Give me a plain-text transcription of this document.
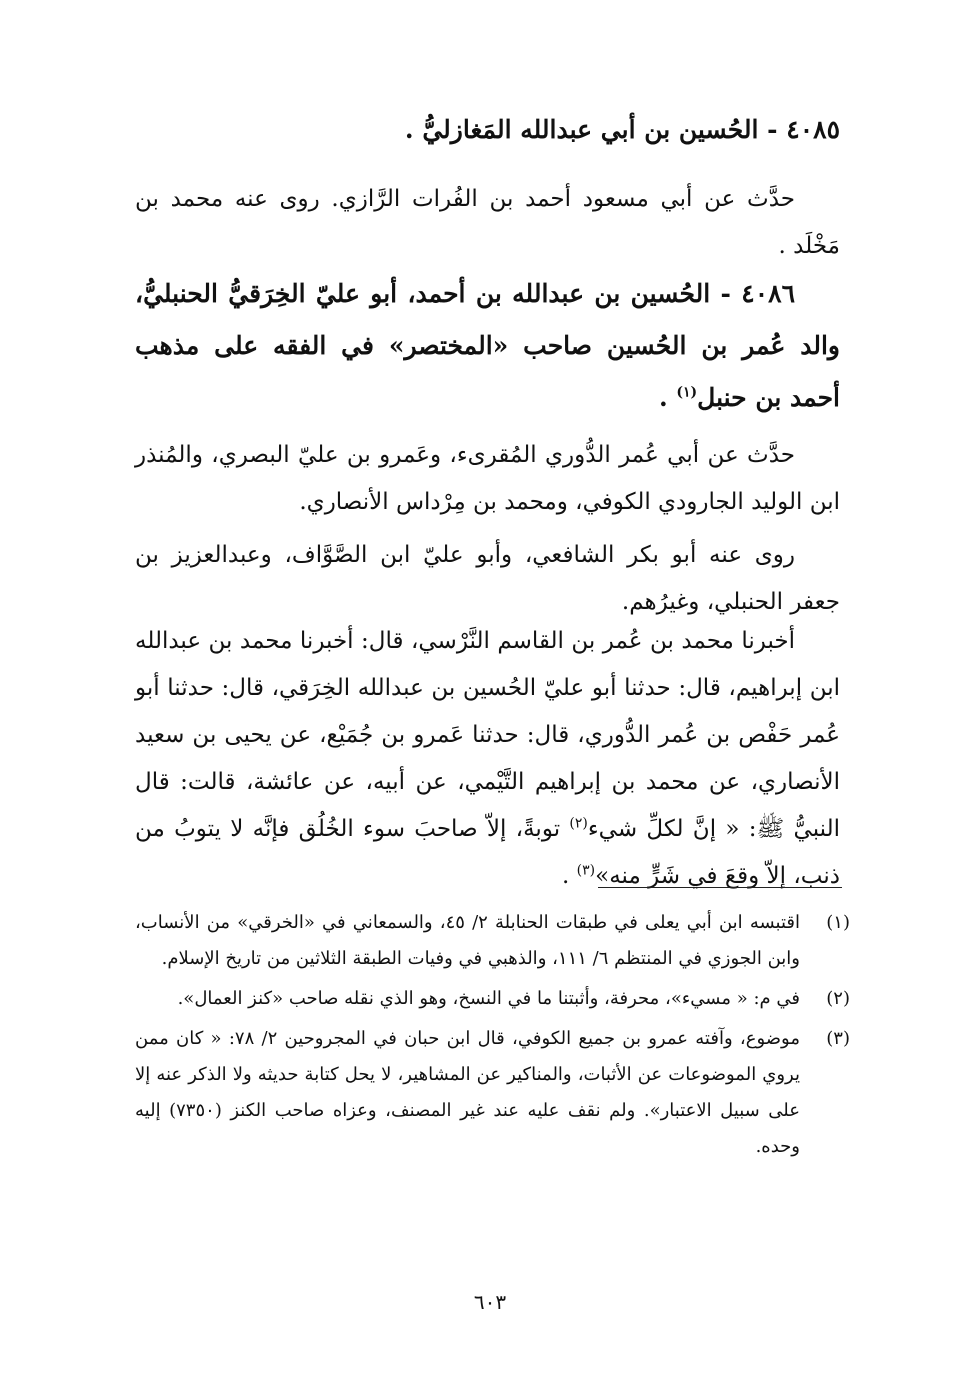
٤٠٨٥ - الحُسين بن أبي عبدالله المَغازليُّ .
حدَّث عن أبي مسعود أحمد بن الفُرات الرَّازي. روى عنه محمد بن مَخْلَد .
٤٠٨٦ - الحُسين بن عبدالله بن أحمد، أبو عليّ الخِرَقيُّ الحنبليُّ، والد عُمر بن الحُسين صاحب «المختصر» في الفقه على مذهب أحمد بن حنبل$^{(١)}$ .
حدَّث عن أبي عُمر الدُّوري المُقرىء، وعَمرو بن عليّ البصري، والمُنذر ابن الوليد الجارودي الكوفي، ومحمد بن مِرْداس الأنصاري.
روى عنه أبو بكر الشافعي، وأبو عليّ ابن الصَّوَّاف، وعبدالعزيز بن جعفر الحنبلي، وغيرُهم.
أخبرنا محمد بن عُمر بن القاسم النَّرْسي، قال: أخبرنا محمد بن عبدالله ابن إبراهيم، قال: حدثنا أبو عليّ الحُسين بن عبدالله الخِرَقي، قال: حدثنا أبو عُمر حَفْص بن عُمر الدُّوري، قال: حدثنا عَمرو بن جُمَيْع، عن يحيى بن سعيد الأنصاري، عن محمد بن إبراهيم التَّيْمي، عن أبيه، عن عائشة، قالت: قال النبيُّ ﷺ: « إنَّ لكلِّ شيء$^{(٢)}$ توبةً، إلاّ صاحبَ سوء الخُلُق فإنَّه لا يتوبُ من ذنب، إلاّ وقعَ في شَرٍّ منه»$^{(٣)}$ .
(١)
اقتبسه ابن أبي يعلى في طبقات الحنابلة ٢/ ٤٥، والسمعاني في «الخرقي» من الأنساب، وابن الجوزي في المنتظم ٦/ ١١١، والذهبي في وفيات الطبقة الثلاثين من تاريخ الإسلام.
(٢)
في م: « مسيء»، محرفة، وأثبتنا ما في النسخ، وهو الذي نقله صاحب «كنز العمال».
(٣)
موضوع، وآفته عمرو بن جميع الكوفي، قال ابن حبان في المجروحين ٢/ ٧٨: « كان ممن يروي الموضوعات عن الأثبات، والمناكير عن المشاهير، لا يحل كتابة حديثه ولا الذكر عنه إلا على سبيل الاعتبار». ولم نقف عليه عند غير المصنف، وعزاه صاحب الكنز (٧٣٥٠) إليه وحده.
٦٠٣
